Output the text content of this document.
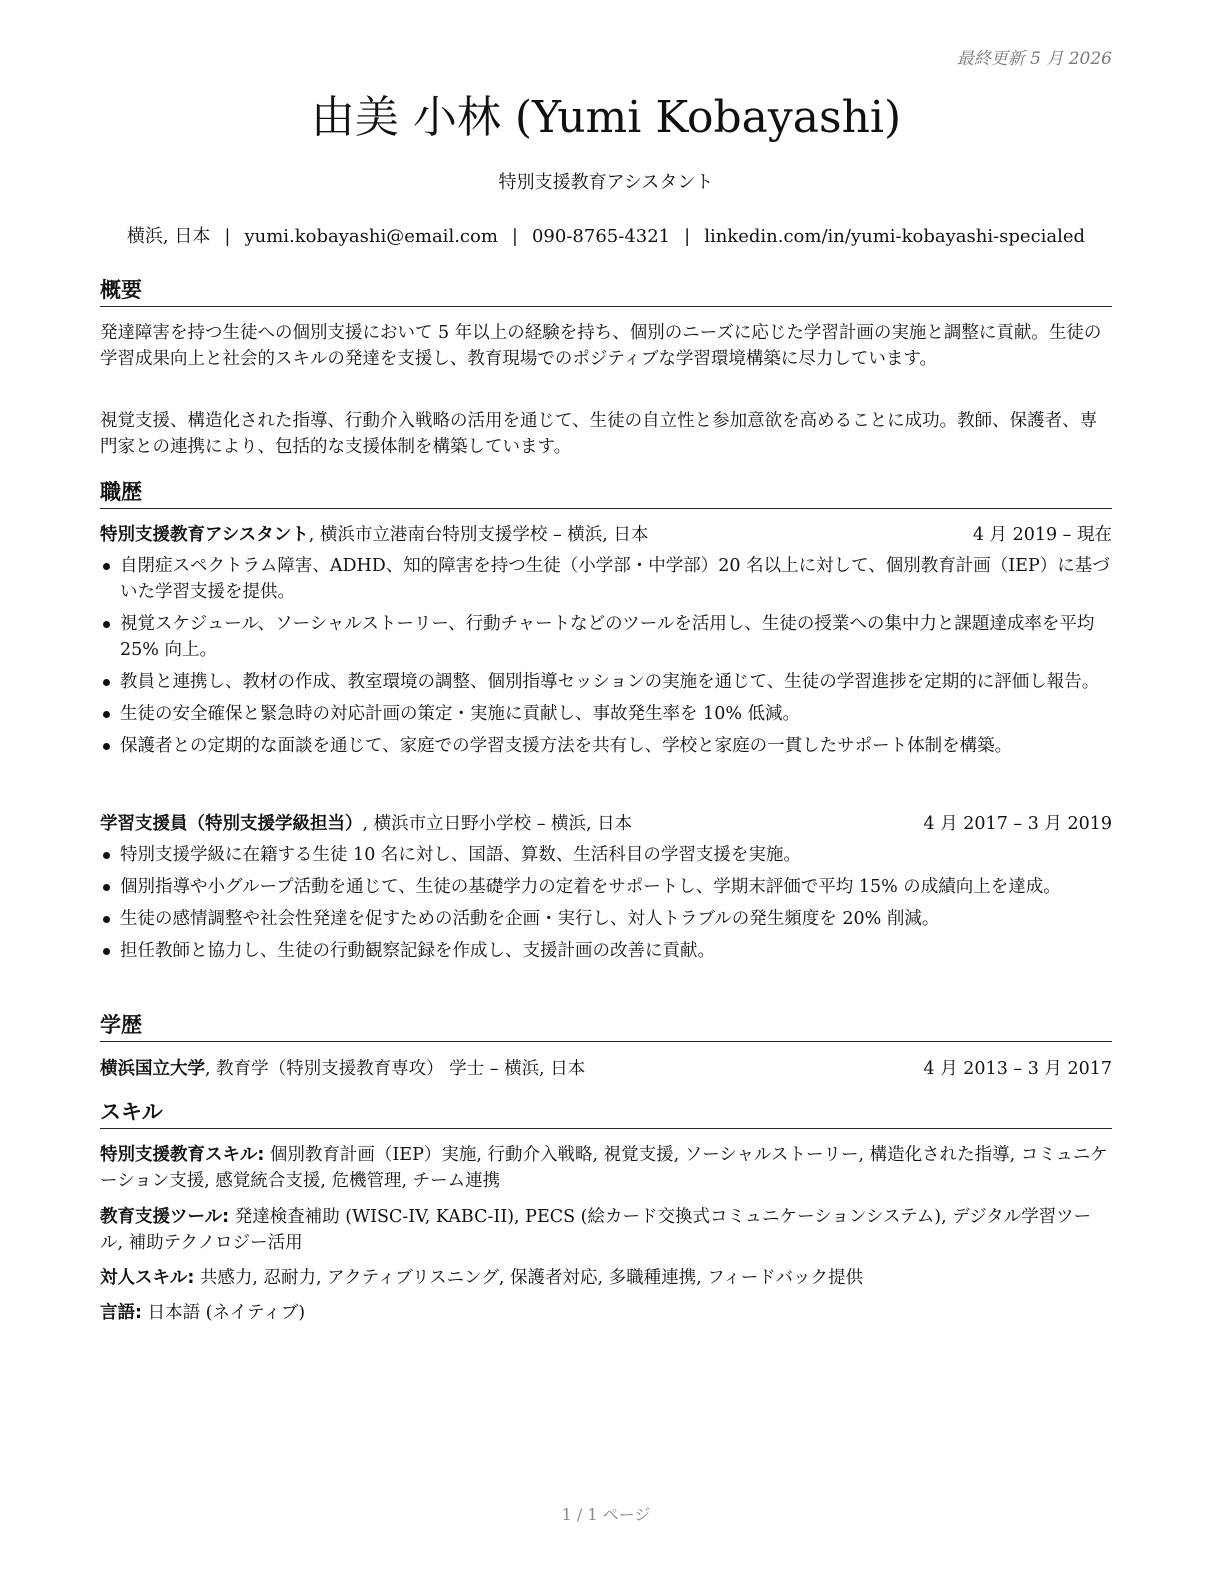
最終更新 5 月 2026
由美 小林 (Yumi Kobayashi)
特別支援教育アシスタント
横浜, 日本 | yumi.kobayashi@email.com | 090-8765-4321 | linkedin.com/in/yumi-kobayashi-specialed
概要

発達障害を持つ生徒への個別支援において 5 年以上の経験を持ち、個別のニーズに応じた学習計画の実施と調整に貢献。生徒の学習成果向上と社会的スキルの発達を支援し、教育現場でのポジティブな学習環境構築に尽力しています。

視覚支援、構造化された指導、行動介入戦略の活用を通じて、生徒の自立性と参加意欲を高めることに成功。教師、保護者、専門家との連携により、包括的な支援体制を構築しています。

職歴
特別支援教育アシスタント, 横浜市立港南台特別支援学校 – 横浜, 日本	4 月 2019 – 現在
自閉症スペクトラム障害、ADHD、知的障害を持つ生徒（小学部・中学部）20 名以上に対して、個別教育計画（IEP）に基づいた学習支援を提供。
視覚スケジュール、ソーシャルストーリー、行動チャートなどのツールを活用し、生徒の授業への集中力と課題達成率を平均 25% 向上。
教員と連携し、教材の作成、教室環境の調整、個別指導セッションの実施を通じて、生徒の学習進捗を定期的に評価し報告。
生徒の安全確保と緊急時の対応計画の策定・実施に貢献し、事故発生率を 10% 低減。
保護者との定期的な面談を通じて、家庭での学習支援方法を共有し、学校と家庭の一貫したサポート体制を構築。
学習支援員（特別支援学級担当）, 横浜市立日野小学校 – 横浜, 日本	4 月 2017 – 3 月 2019
特別支援学級に在籍する生徒 10 名に対し、国語、算数、生活科目の学習支援を実施。
個別指導や小グループ活動を通じて、生徒の基礎学力の定着をサポートし、学期末評価で平均 15% の成績向上を達成。
生徒の感情調整や社会性発達を促すための活動を企画・実行し、対人トラブルの発生頻度を 20% 削減。
担任教師と協力し、生徒の行動観察記録を作成し、支援計画の改善に貢献。
学歴
横浜国立大学, 教育学（特別支援教育専攻） 学士 – 横浜, 日本	4 月 2013 – 3 月 2017
スキル
特別支援教育スキル: 個別教育計画（IEP）実施, 行動介入戦略, 視覚支援, ソーシャルストーリー, 構造化された指導, コミュニケーション支援, 感覚統合支援, 危機管理, チーム連携
教育支援ツール: 発達検査補助 (WISC-IV, KABC-II), PECS (絵カード交換式コミュニケーションシステム), デジタル学習ツール, 補助テクノロジー活用
対人スキル: 共感力, 忍耐力, アクティブリスニング, 保護者対応, 多職種連携, フィードバック提供
言語: 日本語 (ネイティブ)
1 / 1 ページ
